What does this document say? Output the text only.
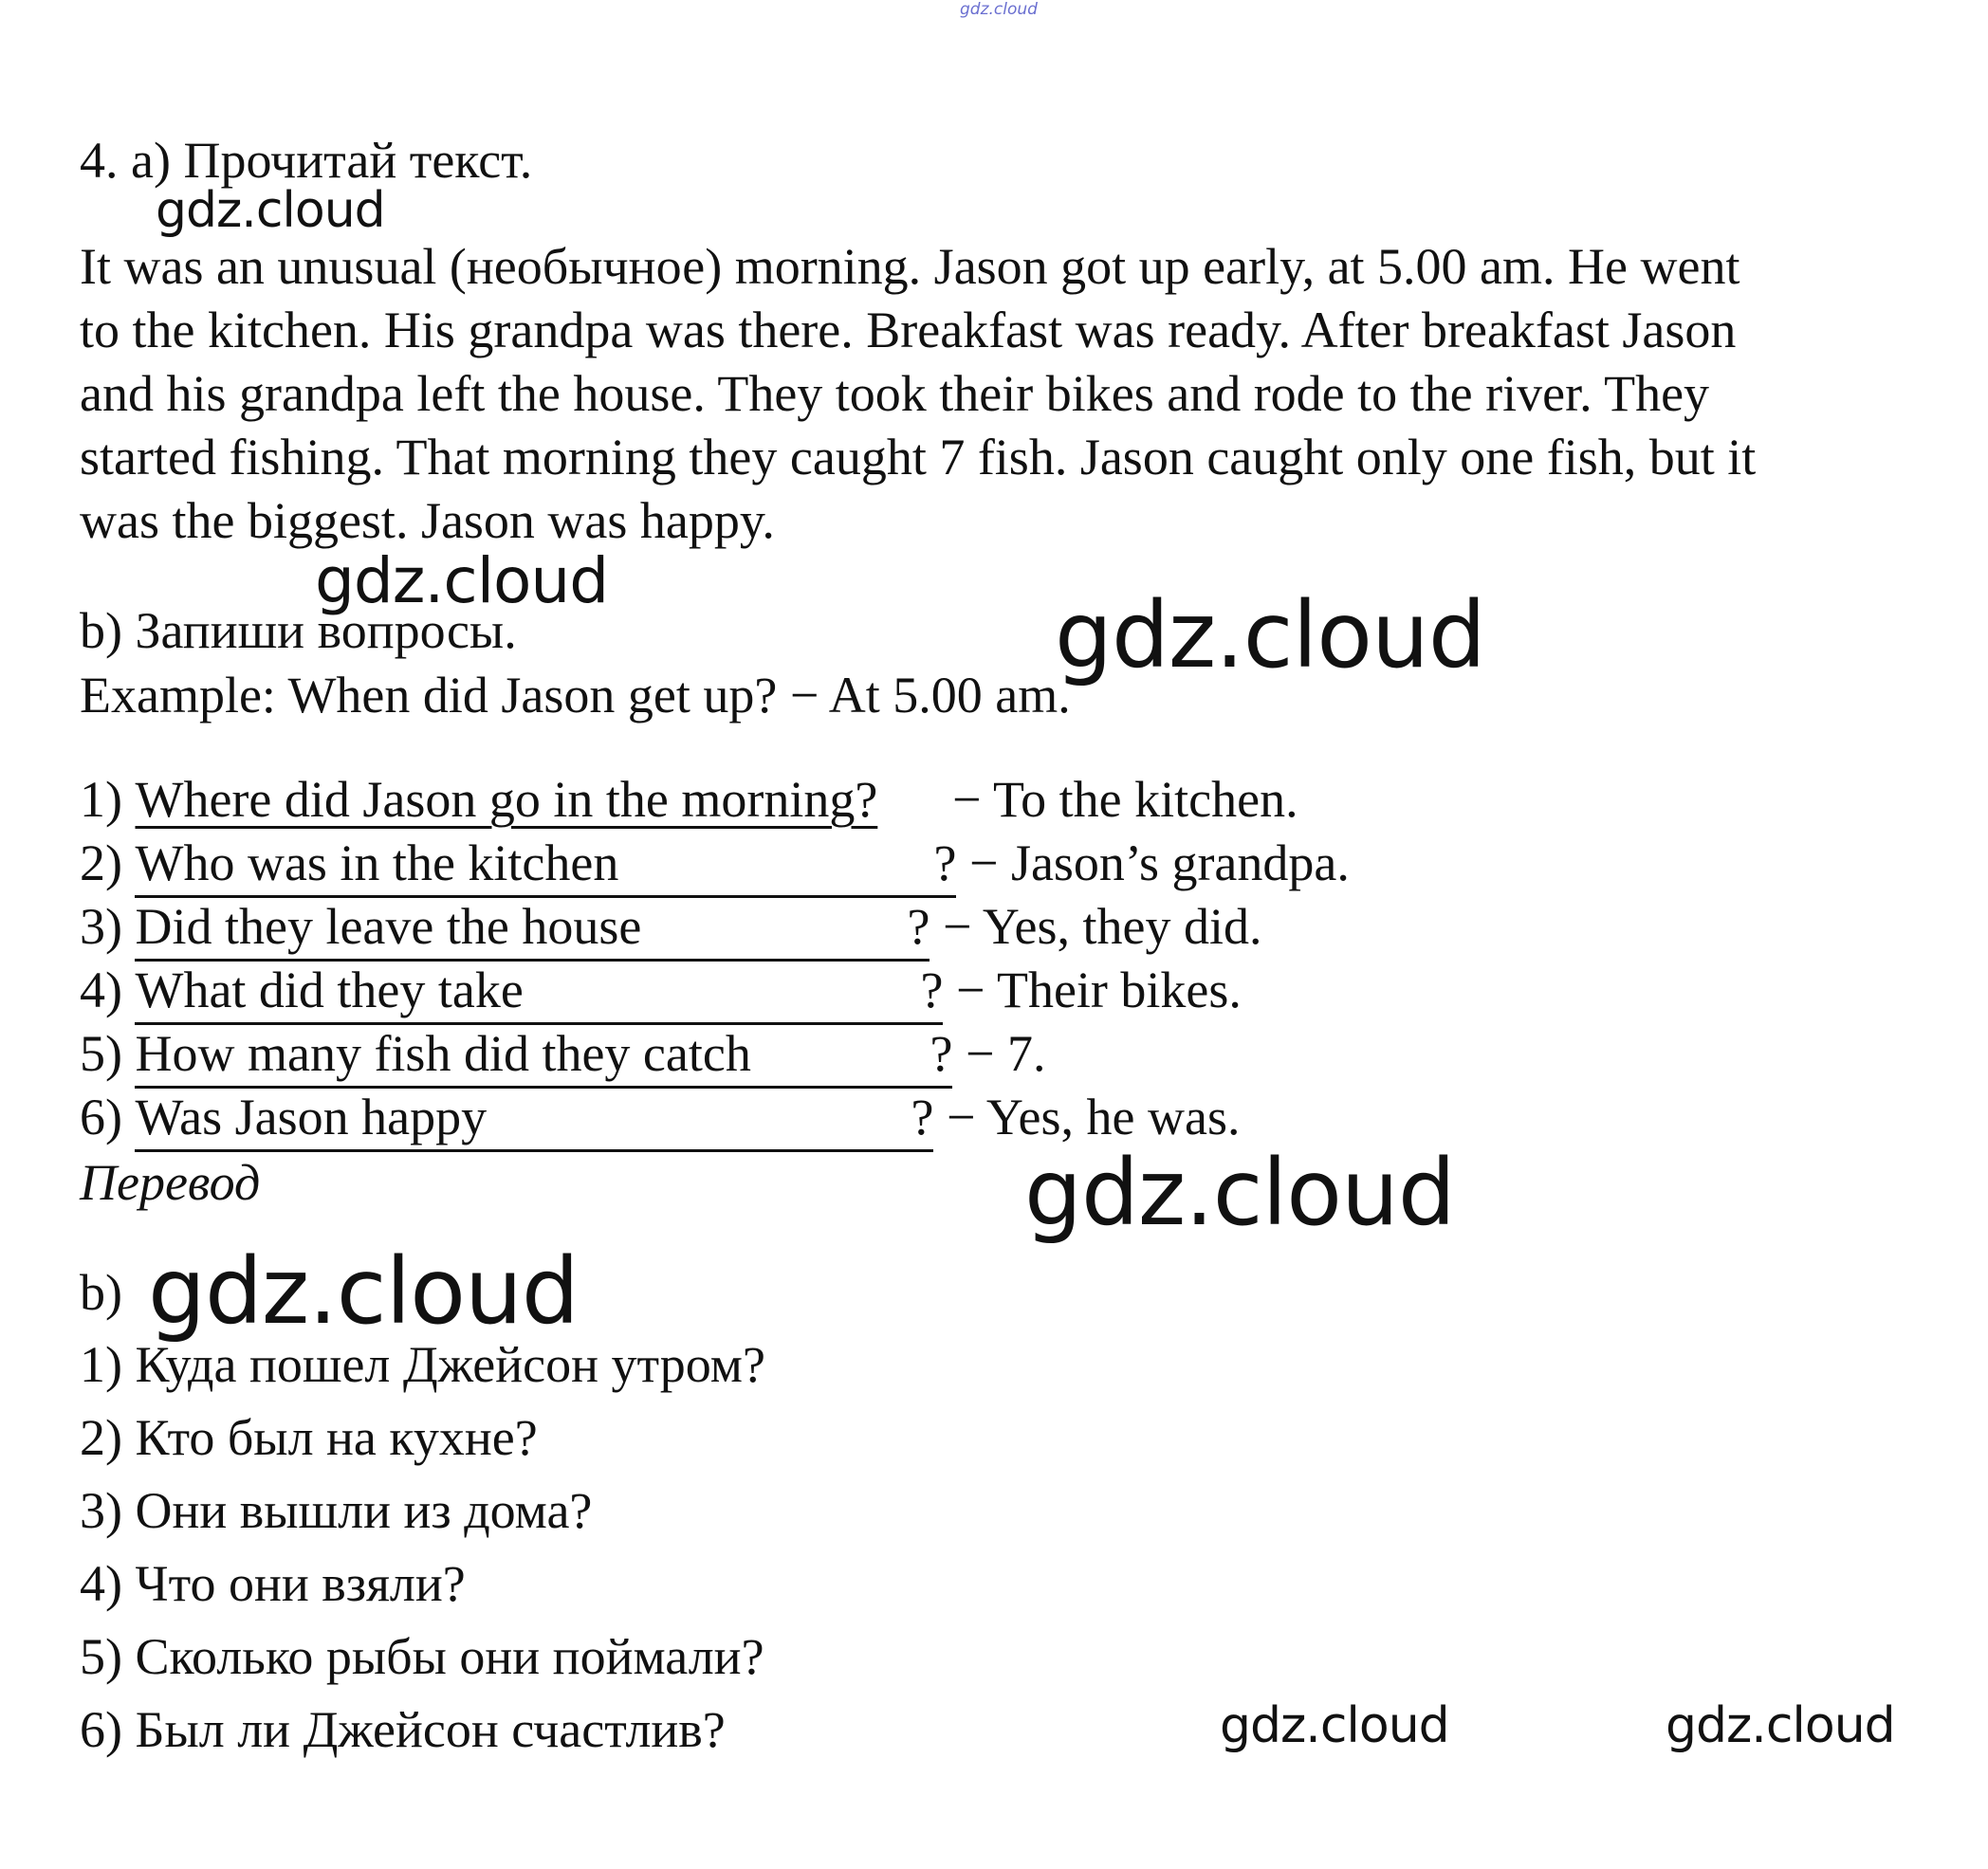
gdz.cloud
4. a) Прочитай текст.
gdz.cloud
It was an unusual (необычное) morning. Jason got up early, at 5.00 am. He went
to the kitchen. His grandpa was there. Breakfast was ready. After breakfast Jason
and his grandpa left the house. They took their bikes and rode to the river. They
started fishing. That morning they caught 7 fish. Jason caught only one fish, but it
was the biggest. Jason was happy.
gdz.cloud
b) Запиши вопросы.	gdz.cloud
Example: When did Jason get up? − At 5.00 am.
1) Where did Jason go in the morning? − To the kitchen.
2) Who was in the kitchen	? − Jason’s grandpa.
3) Did they leave the house	? − Yes, they did.
4) What did they take	? − Their bikes.
5) How many fish did they catch	? − 7.
6) Was Jason happy	? − Yes, he was.
Перевод	gdz.cloud
b) gdz.cloud
1) Куда пошел Джейсон утром?
2) Кто был на кухне?
3) Они вышли из дома?
4) Что они взяли?
5) Сколько рыбы они поймали?
6) Был ли Джейсон счастлив?	gdz.cloud	gdz.cloud
